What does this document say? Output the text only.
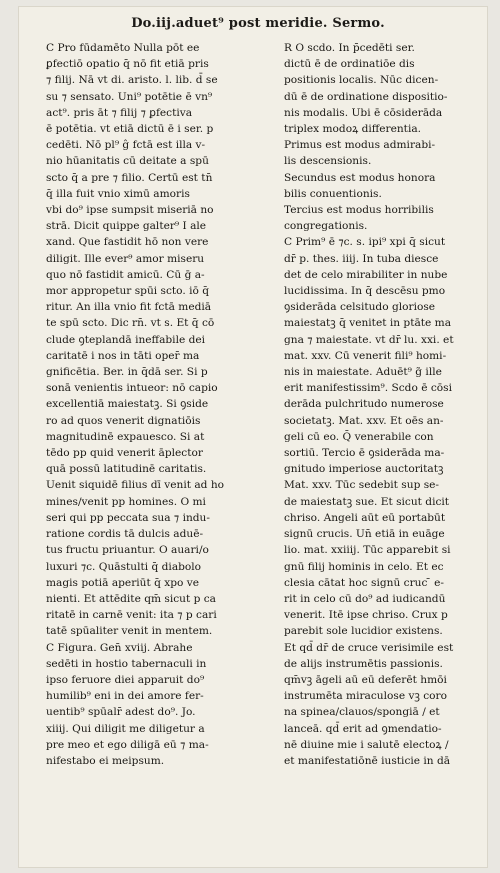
Do.iij.aduet⁹ post meridie. Sermo.
C Pro fūdamēto Nulla pōt ee
ꝑfectiō opatio q̄ nō fit etiā pris
⁊ filij. Nā vt di. aristo. l. lib. d̄ se
su ⁊ sensato. Uni⁹ potētie ē vn⁹
act⁹. pris āt ⁊ filij ⁊ ꝑfectiva
ē potētia. vt etiā dictū ē i ser. p
cedēti. Nō pl⁹ ĝ fctā est illa v-
nio hūanitatis cū deitate a spū
scto q̄ a pre ⁊ filio. Certū est tn̄
q̄ illa fuit vnio ximū amoris
vbi do⁹ ipse sumpsit miseriā no
strā. Dicit quippe galter⁹ I ale
xand. Que fastidit hō non vere
diligit. Ille ever⁹ amor miseru
quo nō fastidit amicū. Cū ḡ a-
mor appropetur spūi scto. iō q̄
ritur. An illa vnio fit fctā mediā
te spū scto. Dic rn̄. vt s. Et q̄ cō
clude ꝯteplandā ineffabile dei
caritatē i nos in tāti oper̄ ma
gnificētia. Ber. in q̄dā ser. Si p
sonā venientis intueor: nō capio
excellentiā maiestatꝫ. Si ꝯside
ro ad quos venerit dignatiōis
magnitudinē expauesco. Si at
tēdo pp quid venerit āplector
quā possū latitudinē caritatis.
Uenit siquidē filius dī venit ad ho
mines/venit pp homines. O mi
seri qui pp peccata sua ⁊ indu-
ratione cordis tā dulcis aduē-
tus fructu priuantur. O auari/o
luxuri ⁊c. Quāstulti q̄ diabolo
magis potiā aperiūt q̄ xpo ve
nienti. Et attēdite qm̄ sicut p ca
ritatē in carnē venit: ita ⁊ p cari
tatē spūaliter venit in mentem.
C Figura. Gen̄ xviij. Abrahe
sedēti in hostio tabernaculi in
ipso feruore diei apparuit do⁹
humilib⁹ eni in dei amore fer-
uentib⁹ spūalr̄ adest do⁹. Jo.
xiiij. Qui diligit me diligetur a
pre meo et ego diligā eū ⁊ ma-
nifestabo ei meipsum.
R O scdo. In p̄cedēti ser.
dictū ē de ordinatiōe dis
positionis localis. Nūc dicen-
dū ē de ordinatione dispositio-
nis modalis. Ubi ē cōsiderāda
triplex modoꝝ differentia.
Primus est modus admirabi-
lis descensionis.
Secundus est modus honora
bilis conuentionis.
Tercius est modus horribilis
congregationis.
C Prim⁹ ē ⁊c. s. ipi⁹ xpi q̄ sicut
dr̄ p. thes. iiij. In tuba diesce
det de celo mirabiliter in nube
lucidissima. In q̄ descēsu pmo
ꝯsiderāda celsitudo gloriose
maiestatꝫ q̄ venitet in ptāte ma
gna ⁊ maiestate. vt dr̄ lu. xxi. et
mat. xxv. Cū venerit fili⁹ homi-
nis in maiestate. Aduēt⁹ g̃ ille
erit manifestissim⁹. Scdo ē cōsi
derāda pulchritudo numerose
societatꝫ. Mat. xxv. Et oēs an-
geli cū eo. Q̄ venerabile con
sortiū. Tercio ē ꝯsiderāda ma-
gnitudo imperiose auctoritatꝫ
Mat. xxv. Tūc sedebit sup se-
de maiestatꝫ sue. Et sicut dicit
chriso. Angeli aūt eū portabūt
signū crucis. Un̄ etiā in euāge
lio. mat. xxiiij. Tūc apparebit si
gnū filij hominis in celo. Et ec
clesia cātat hoc signū cruc ̄ e-
rit in celo cū do⁹ ad iudicandū
venerit. Itē ipse chriso. Crux p
parebit sole lucidior existens.
Et qd̄ dr̄ de cruce verisimile est
de alijs instrumētis passionis.
qm̄vꝫ āgeli aū eū deferēt hmōi
instrumēta miraculose vꝫ coro
na spinea/clauos/spongiā / et
lanceā. qd̄ erit ad ꝯmendatio-
nē diuine mie i salutē electoꝝ /
et manifestatiōnē iusticie in dā
